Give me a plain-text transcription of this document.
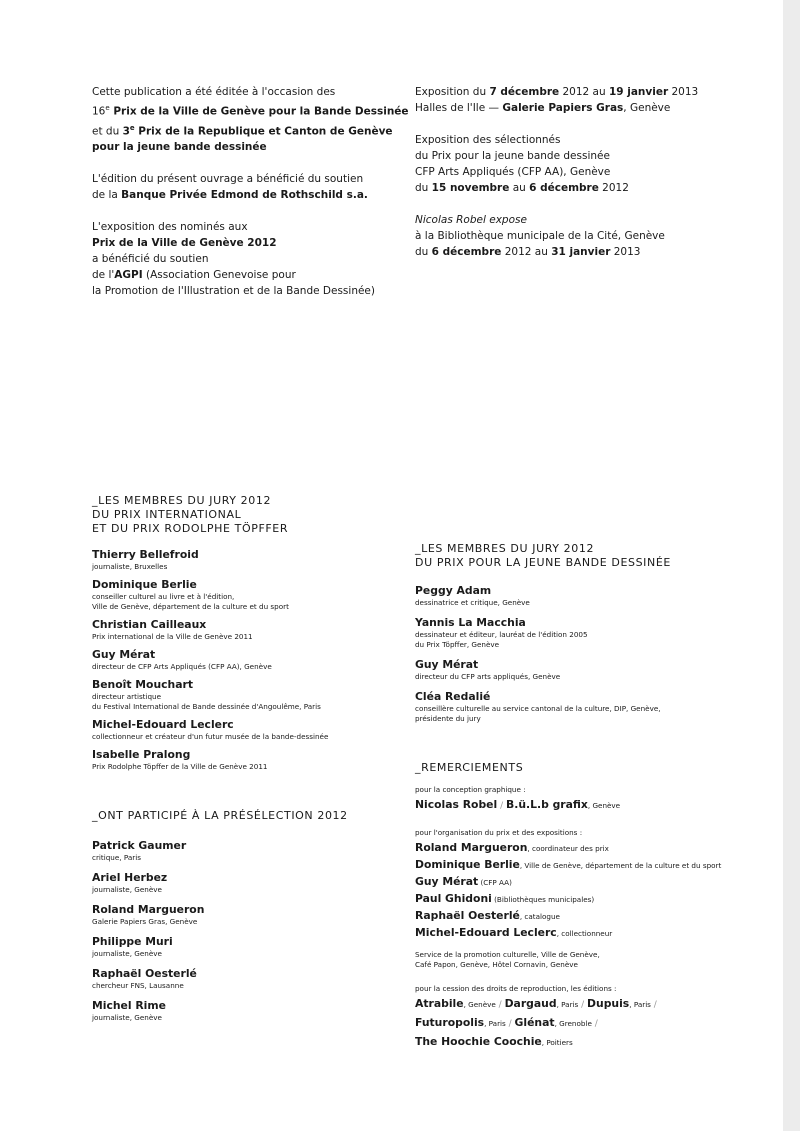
Cette publication a été éditée à l'occasion des

16e Prix de la Ville de Genève pour la Bande Dessinée

et du 3e Prix de la Republique et Canton de Genève

pour la jeune bande dessinée

L'édition du présent ouvrage a bénéficié du soutien

de la Banque Privée Edmond de Rothschild s.a.

L'exposition des nominés aux

Prix de la Ville de Genève 2012

a bénéficié du soutien

de l'AGPI (Association Genevoise pour

la Promotion de l'Illustration et de la Bande Dessinée)

Exposition du 7 décembre 2012 au 19 janvier 2013

Halles de l'Ile — Galerie Papiers Gras, Genève

Exposition des sélectionnés

du Prix pour la jeune bande dessinée

CFP Arts Appliqués (CFP AA), Genève

du 15 novembre au 6 décembre 2012

Nicolas Robel expose

à la Bibliothèque municipale de la Cité, Genève

du 6 décembre 2012 au 31 janvier 2013

_LES MEMBRES DU JURY 2012

DU PRIX INTERNATIONAL

ET DU PRIX RODOLPHE TÖPFFER

Thierry Bellefroid

journaliste, Bruxelles

Dominique Berlie

conseiller culturel au livre et à l'édition,

Ville de Genève, département de la culture et du sport

Christian Cailleaux

Prix international de la Ville de Genève 2011

Guy Mérat

directeur de CFP Arts Appliqués (CFP AA), Genève

Benoît Mouchart

directeur artistique

du Festival International de Bande dessinée d'Angoulême, Paris

Michel-Edouard Leclerc

collectionneur et créateur d'un futur musée de la bande-dessinée

Isabelle Pralong

Prix Rodolphe Töpffer de la Ville de Genève 2011

_ONT PARTICIPÉ À LA PRÉSÉLECTION 2012

Patrick Gaumer

critique, Paris

Ariel Herbez

journaliste, Genève

Roland Margueron

Galerie Papiers Gras, Genève

Philippe Muri

journaliste, Genève

Raphaël Oesterlé

chercheur FNS, Lausanne

Michel Rime

journaliste, Genève

_LES MEMBRES DU JURY 2012

DU PRIX POUR LA JEUNE BANDE DESSINÉE

Peggy Adam

dessinatrice et critique, Genève

Yannis La Macchia

dessinateur et éditeur, lauréat de l'édition 2005

du Prix Töpffer, Genève

Guy Mérat

directeur du CFP arts appliqués, Genève

Cléa Redalié

conseillère culturelle au service cantonal de la culture, DIP, Genève,

présidente du jury

_REMERCIEMENTS

pour la conception graphique :

Nicolas Robel / B.ü.L.b grafix, Genève

pour l'organisation du prix et des expositions :

Roland Margueron, coordinateur des prix

Dominique Berlie, Ville de Genève, département de la culture et du sport

Guy Mérat (CFP AA)

Paul Ghidoni (Bibliothèques municipales)

Raphaël Oesterlé, catalogue

Michel-Edouard Leclerc, collectionneur

Service de la promotion culturelle, Ville de Genève,

Café Papon, Genève, Hôtel Cornavin, Genève

pour la cession des droits de reproduction, les éditions :

Atrabile, Genève / Dargaud, Paris / Dupuis, Paris /

Futuropolis, Paris / Glénat, Grenoble /

The Hoochie Coochie, Poitiers
